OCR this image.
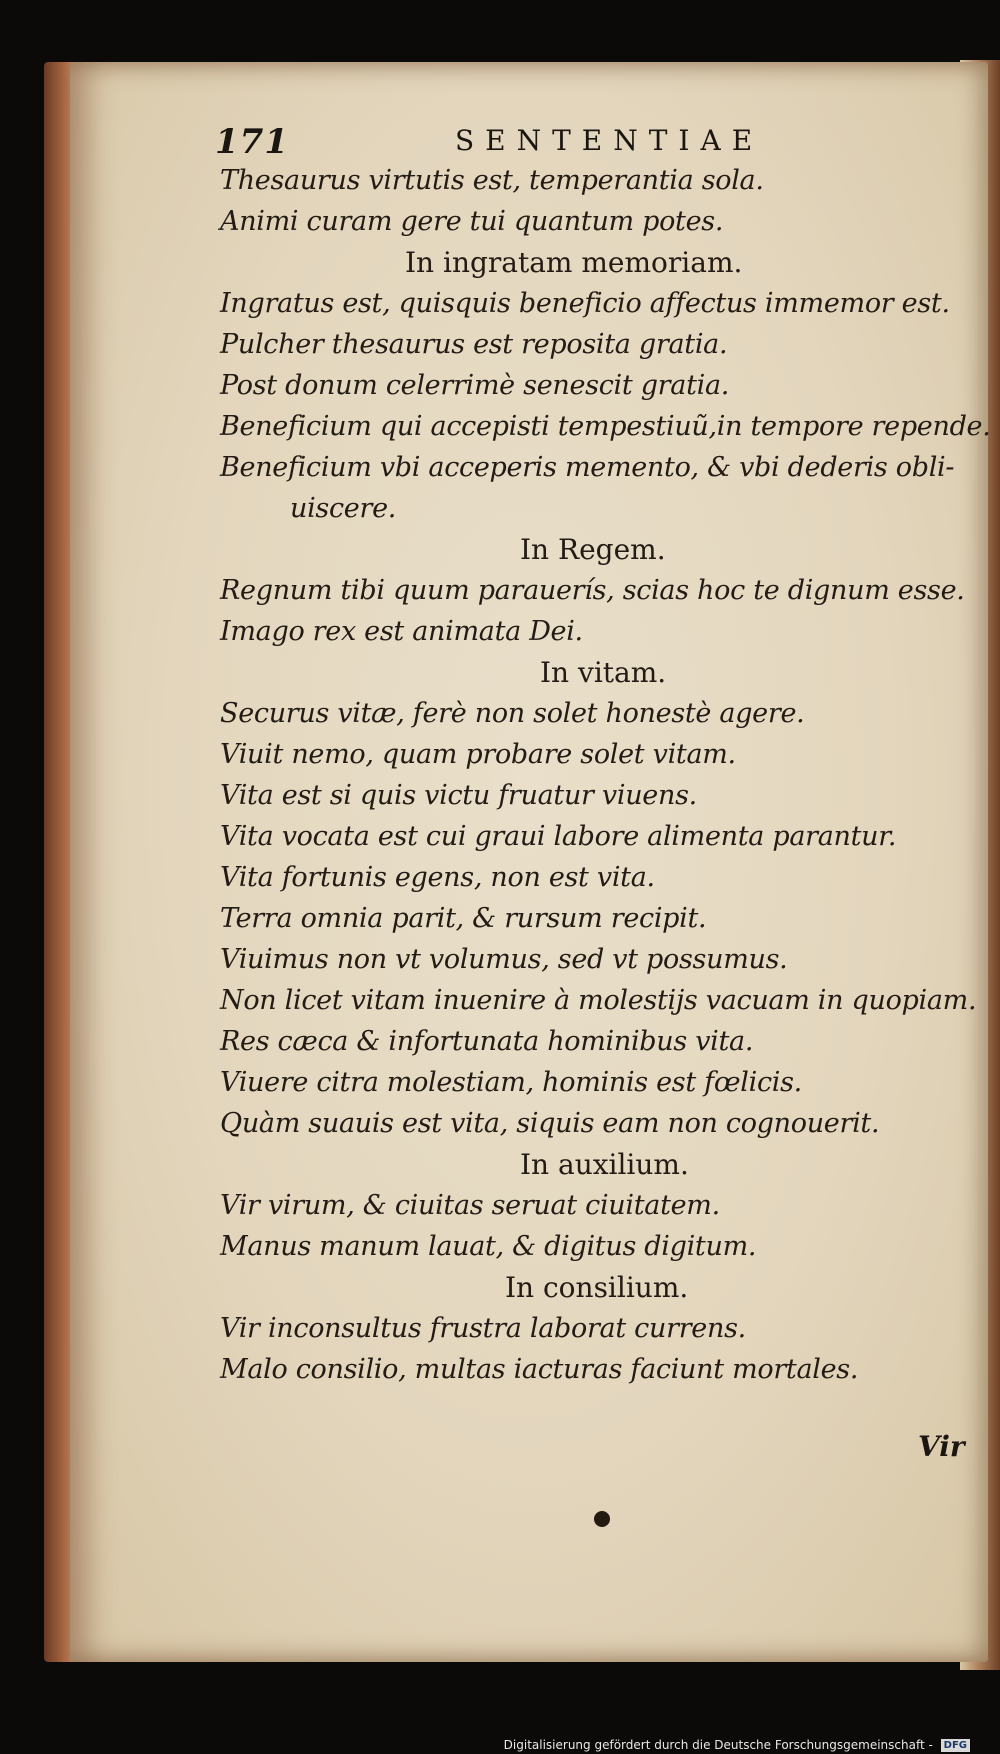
171	SENTENTIAE
Thesaurus virtutis est, temperantia sola.
Animi curam gere tui quantum potes.
In ingratam memoriam.
Ingratus est, quisquis beneficio affectus immemor est.
Pulcher thesaurus est reposita gratia.
Post donum celerrimè senescit gratia.
Beneficium qui accepisti tempestiuũ,in tempore repende.
Beneficium vbi acceperis memento, & vbi dederis obli-
uiscere.
In Regem.
Regnum tibi quum parauerís, scias hoc te dignum esse.
Imago rex est animata Dei.
In vitam.
Securus vitæ, ferè non solet honestè agere.
Viuit nemo, quam probare solet vitam.
Vita est si quis victu fruatur viuens.
Vita vocata est cui graui labore alimenta parantur.
Vita fortunis egens, non est vita.
Terra omnia parit, & rursum recipit.
Viuimus non vt volumus, sed vt possumus.
Non licet vitam inuenire à molestijs vacuam in quopiam.
Res cæca & infortunata hominibus vita.
Viuere citra molestiam, hominis est fœlicis.
Quàm suauis est vita, siquis eam non cognouerit.
In auxilium.
Vir virum, & ciuitas seruat ciuitatem.
Manus manum lauat, & digitus digitum.
In consilium.
Vir inconsultus frustra laborat currens.
Malo consilio, multas iacturas faciunt mortales.
Vir
Digitalisierung gefördert durch die Deutsche Forschungsgemeinschaft - DFG
